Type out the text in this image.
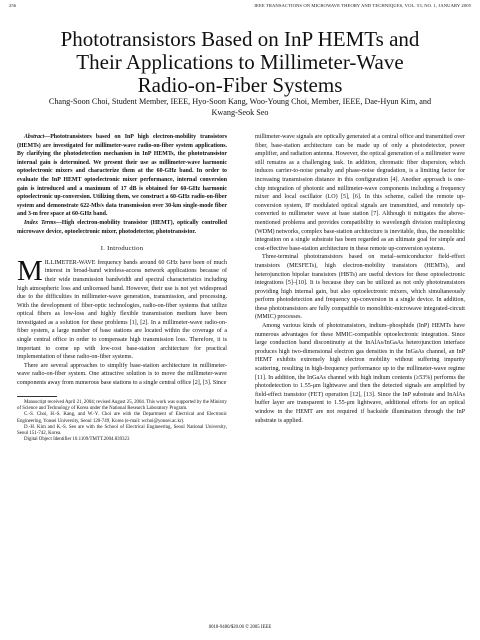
256	IEEE TRANSACTIONS ON MICROWAVE THEORY AND TECHNIQUES, VOL. 53, NO. 1, JANUARY 2005
Phototransistors Based on InP HEMTs and
Their Applications to Millimeter-Wave
Radio-on-Fiber Systems
Chang-Soon Choi, Student Member, IEEE, Hyo-Soon Kang, Woo-Young Choi, Member, IEEE, Dae-Hyun Kim, and
Kwang-Seok Seo

Abstract—Phototransistors based on InP high electron-mobility transistors (HEMTs) are investigated for millimeter-wave radio-on-fiber system applications. By clarifying the photodetection mechanism in InP HEMTs, the phototransistor internal gain is determined. We present their use as millimeter-wave harmonic optoelectronic mixers and characterize them at the 60-GHz band. In order to evaluate the InP HEMT optoelectronic mixer performance, internal conversion gain is introduced and a maximum of 17 dB is obtained for 60-GHz harmonic optoelectronic up-conversion. Utilizing them, we construct a 60-GHz radio-on-fiber system and demonstrate 622-Mb/s data transmission over 30-km single-mode fiber and 3-m free space at 60-GHz band.

Index Terms—High electron-mobility transistor (HEMT), optically controlled microwave device, optoelectronic mixer, photodetector, phototransistor.

I. Introduction

MILLIMETER-WAVE frequency bands around 60 GHz have been of much interest in broad-band wireless-access network applications because of their wide transmission bandwidth and spectral characteristics including high atmospheric loss and unlicensed band. However, their use is not yet widespread due to the difficulties in millimeter-wave generation, transmission, and processing. With the development of fiber-optic technologies, radio-on-fiber systems that utilize optical fibers as low-loss and highly flexible transmission medium have been investigated as a solution for these problems [1], [2]. In a millimeter-wave radio-on-fiber system, a large number of base stations are located within the coverage of a single central office in order to compensate high transmission loss. Therefore, it is important to come up with low-cost base-station architecture for practical implementation of these radio-on-fiber systems.

There are several approaches to simplify base-station architecture in millimeter-wave radio-on-fiber system. One attractive solution is to move the millimeter-wave components away from numerous base stations to a single central office [2], [3]. Since

Manuscript received April 21, 2004; revised August 25, 2004. This work was supported by the Ministry of Science and Technology of Korea under the National Research Laboratory Program.

C.-S. Choi, H.-S. Kang, and W.-Y. Choi are with the Department of Electrical and Electronic Engineering, Yonsei University, Seoul 120-749, Korea (e-mail: wchoi@yonsei.ac.kr).

D.-H. Kim and K.-S. Seo are with the School of Electrical Engineering, Seoul National University, Seoul 151-742, Korea.

Digital Object Identifier 10.1109/TMTT.2004.839323

millimeter-wave signals are optically generated at a central office and transmitted over fiber, base-station architecture can be made up of only a photodetector, power amplifier, and radiation antenna. However, the optical generation of a millimeter wave still remains as a challenging task. In addition, chromatic fiber dispersion, which induces carrier-to-noise penalty and phase-noise degradation, is a limiting factor for increasing transmission distance in this configuration [4]. Another approach is one-chip integration of photonic and millimeter-wave components including a frequency mixer and local oscillator (LO) [5], [6]. In this scheme, called the remote up-conversion system, IF modulated optical signals are transmitted, and remotely up-converted to millimeter wave at base station [7]. Although it mitigates the above-mentioned problems and provides compatibility to wavelength division multiplexing (WDM) networks, complex base-station architecture is inevitable, thus, the monolithic integration on a single substrate has been regarded as an ultimate goal for simple and cost-effective base-station architecture in these remote up-conversion systems.

Three-terminal phototransistors based on metal–semiconductor field-effect transistors (MESFETs), high electron-mobility transistors (HEMTs), and heterojunction bipolar transistors (HBTs) are useful devices for these optoelectronic integrations [5]–[10]. It is because they can be utilized as not only phototransistors providing high internal gain, but also optoelectronic mixers, which simultaneously perform photodetection and frequency up-conversion in a single device. In addition, these phototransistors are fully compatible to monolithic-microwave integrated-circuit (MMIC) processes.

Among various kinds of phototransistors, indium–phosphide (InP) HEMTs have numerous advantages for these MMIC-compatible optoelectronic integration. Since large conduction band discontinuity at the InAlAs/InGaAs heterojunction interface produces high two-dimensional electron gas densities in the InGaAs channel, an InP HEMT exhibits extremely high electron mobility without suffering impurity scattering, resulting in high-frequency performance up to the millimeter-wave regime [11]. In addition, the InGaAs channel with high indium contents (≥53%) performs the photodetection to 1.55-μm lightwave and then the detected signals are amplified by field-effect transistor (FET) operation [12], [13]. Since the InP substrate and InAlAs buffer layer are transparent to 1.55-μm lightwave, additional efforts for an optical window in the HEMT are not required if backside illumination through the InP substrate is applied.

0018-9480/$20.00 © 2005 IEEE
